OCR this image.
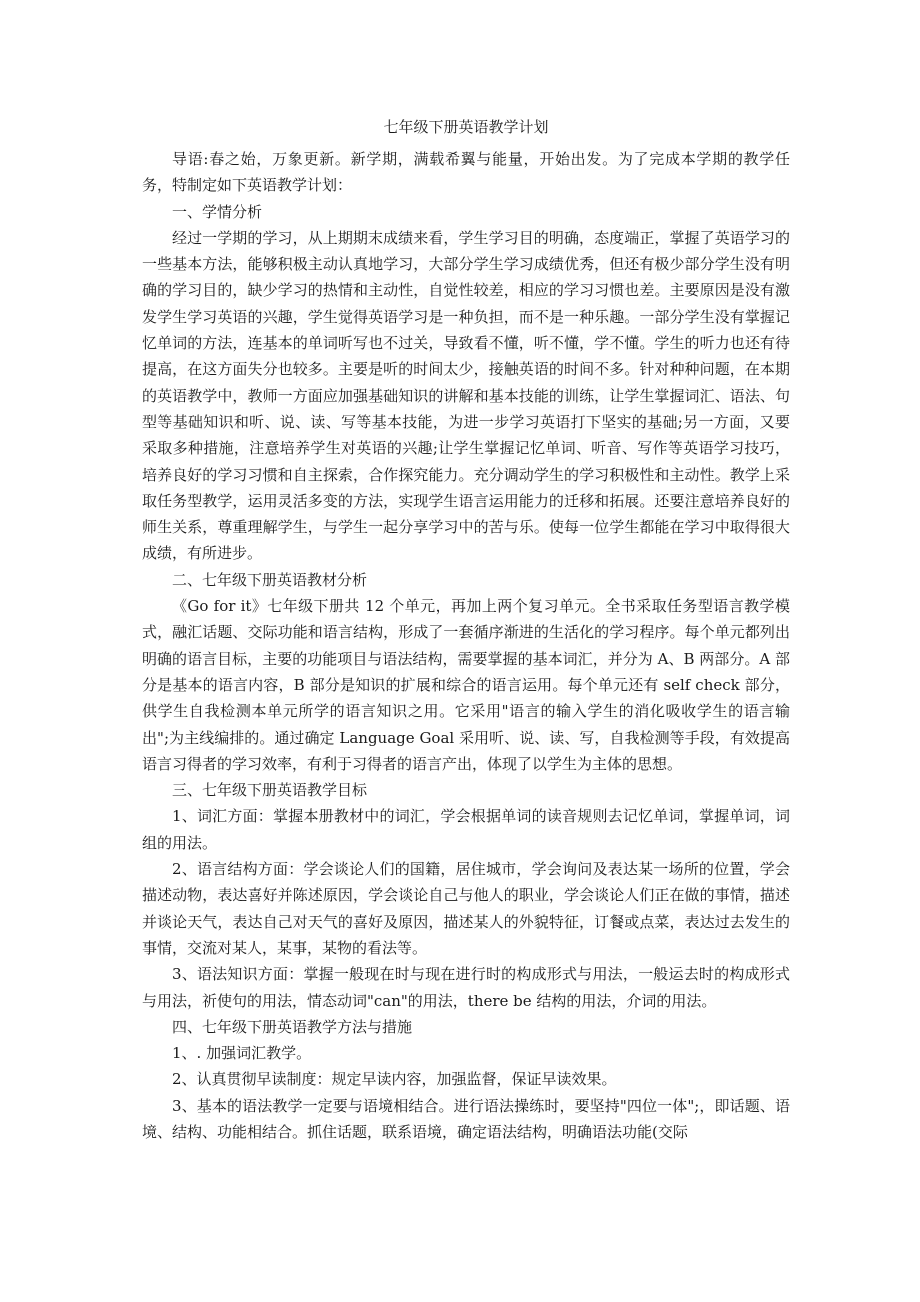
七年级下册英语教学计划

导语:春之始，万象更新。新学期，满载希翼与能量，开始出发。为了完成本学期的教学任务，特制定如下英语教学计划：

一、学情分析

经过一学期的学习，从上期期末成绩来看，学生学习目的明确，态度端正，掌握了英语学习的一些基本方法，能够积极主动认真地学习，大部分学生学习成绩优秀，但还有极少部分学生没有明确的学习目的，缺少学习的热情和主动性，自觉性较差，相应的学习习惯也差。主要原因是没有激发学生学习英语的兴趣，学生觉得英语学习是一种负担，而不是一种乐趣。一部分学生没有掌握记忆单词的方法，连基本的单词听写也不过关，导致看不懂，听不懂，学不懂。学生的听力也还有待提高，在这方面失分也较多。主要是听的时间太少，接触英语的时间不多。针对种种问题，在本期的英语教学中，教师一方面应加强基础知识的讲解和基本技能的训练，让学生掌握词汇、语法、句型等基础知识和听、说、读、写等基本技能，为进一步学习英语打下坚实的基础;另一方面，又要采取多种措施，注意培养学生对英语的兴趣;让学生掌握记忆单词、听音、写作等英语学习技巧，培养良好的学习习惯和自主探索，合作探究能力。充分调动学生的学习积极性和主动性。教学上采取任务型教学，运用灵活多变的方法，实现学生语言运用能力的迁移和拓展。还要注意培养良好的师生关系，尊重理解学生，与学生一起分享学习中的苦与乐。使每一位学生都能在学习中取得很大成绩，有所进步。

二、七年级下册英语教材分析

《Go for it》七年级下册共 12 个单元，再加上两个复习单元。全书采取任务型语言教学模式，融汇话题、交际功能和语言结构，形成了一套循序渐进的生活化的学习程序。每个单元都列出明确的语言目标，主要的功能项目与语法结构，需要掌握的基本词汇，并分为 A、B 两部分。A 部分是基本的语言内容，B 部分是知识的扩展和综合的语言运用。每个单元还有 self check 部分，供学生自我检测本单元所学的语言知识之用。它采用"语言的输入学生的消化吸收学生的语言输出";为主线编排的。通过确定 Language Goal 采用听、说、读、写，自我检测等手段，有效提高语言习得者的学习效率，有利于习得者的语言产出，体现了以学生为主体的思想。

三、七年级下册英语教学目标

1、词汇方面：掌握本册教材中的词汇，学会根据单词的读音规则去记忆单词，掌握单词，词组的用法。

2、语言结构方面：学会谈论人们的国籍，居住城市，学会询问及表达某一场所的位置，学会描述动物，表达喜好并陈述原因，学会谈论自己与他人的职业，学会谈论人们正在做的事情，描述并谈论天气，表达自己对天气的喜好及原因，描述某人的外貌特征，订餐或点菜，表达过去发生的事情，交流对某人，某事，某物的看法等。

3、语法知识方面：掌握一般现在时与现在进行时的构成形式与用法，一般运去时的构成形式与用法，祈使句的用法，情态动词"can"的用法，there be 结构的用法，介词的用法。

四、七年级下册英语教学方法与措施

1、. 加强词汇教学。

2、认真贯彻早读制度：规定早读内容，加强监督，保证早读效果。

3、基本的语法教学一定要与语境相结合。进行语法操练时，要坚持"四位一体";，即话题、语境、结构、功能相结合。抓住话题，联系语境，确定语法结构，明确语法功能(交际
